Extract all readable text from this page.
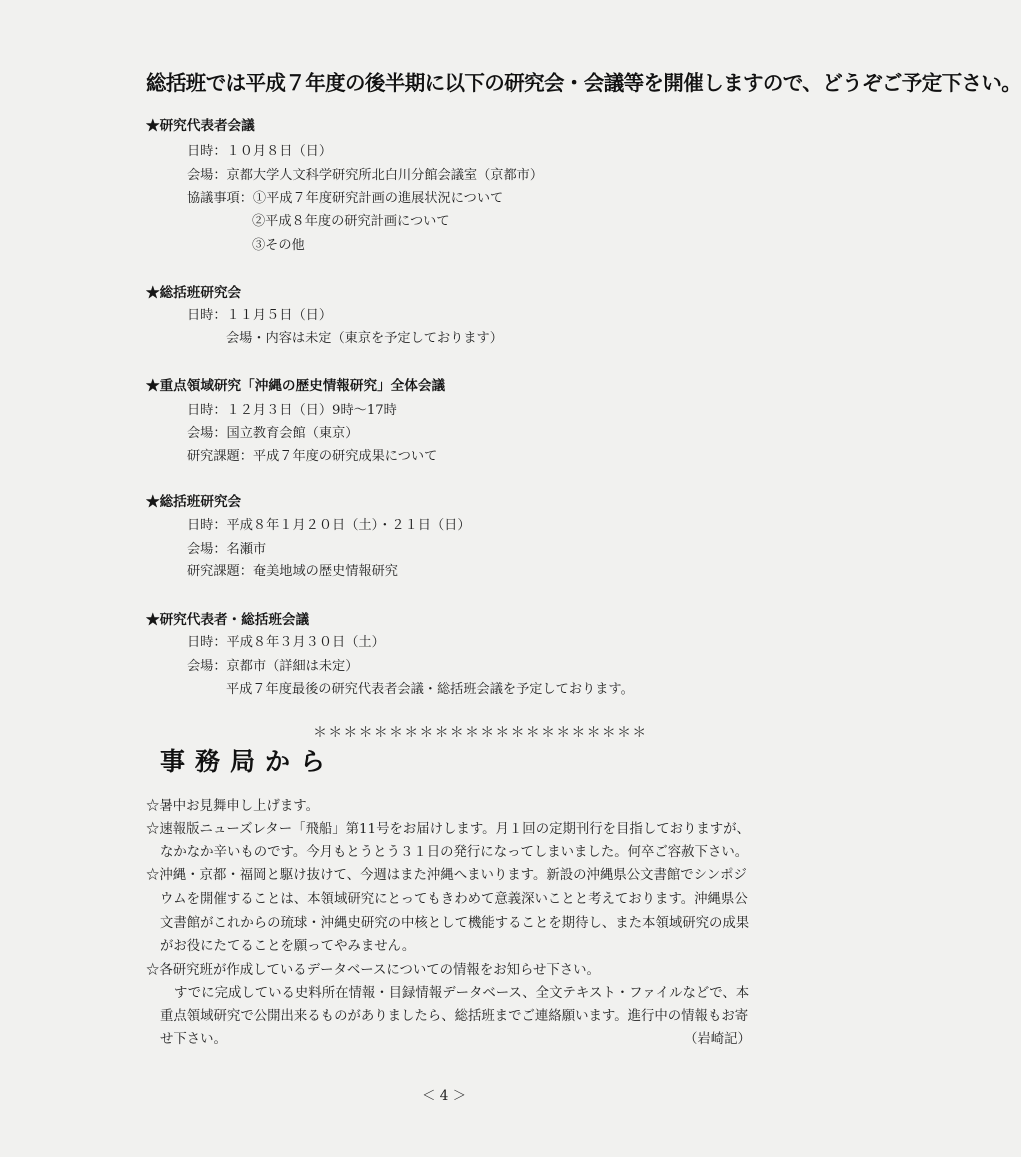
総括班では平成７年度の後半期に以下の研究会・会議等を開催しますので、どうぞご予定下さい。
★研究代表者会議
日時：１０月８日（日）
会場：京都大学人文科学研究所北白川分館会議室（京都市）
協議事項：①平成７年度研究計画の進展状況について
②平成８年度の研究計画について
③その他
★総括班研究会
日時：１１月５日（日）
会場・内容は未定（東京を予定しております）
★重点領域研究「沖縄の歴史情報研究」全体会議
日時：１２月３日（日）9時～17時
会場：国立教育会館（東京）
研究課題：平成７年度の研究成果について
★総括班研究会
日時：平成８年１月２０日（土）・２１日（日）
会場：名瀬市
研究課題：奄美地域の歴史情報研究
★研究代表者・総括班会議
日時：平成８年３月３０日（土）
会場：京都市（詳細は未定）
平成７年度最後の研究代表者会議・総括班会議を予定しております。
＊＊＊＊＊＊＊＊＊＊＊＊＊＊＊＊＊＊＊＊＊＊
事務局から
☆暑中お見舞申し上げます。
☆速報版ニューズレター「飛船」第11号をお届けします。月１回の定期刊行を目指しておりますが、
なかなか辛いものです。今月もとうとう３１日の発行になってしまいました。何卒ご容赦下さい。
☆沖縄・京都・福岡と駆け抜けて、今週はまた沖縄へまいります。新設の沖縄県公文書館でシンポジ
ウムを開催することは、本領域研究にとってもきわめて意義深いことと考えております。沖縄県公
文書館がこれからの琉球・沖縄史研究の中核として機能することを期待し、また本領域研究の成果
がお役にたてることを願ってやみません。
☆各研究班が作成しているデータベースについての情報をお知らせ下さい。
すでに完成している史料所在情報・目録情報データベース、全文テキスト・ファイルなどで、本
重点領域研究で公開出来るものがありましたら、総括班までご連絡願います。進行中の情報もお寄
せ下さい。	（岩崎記）
＜ 4 ＞
